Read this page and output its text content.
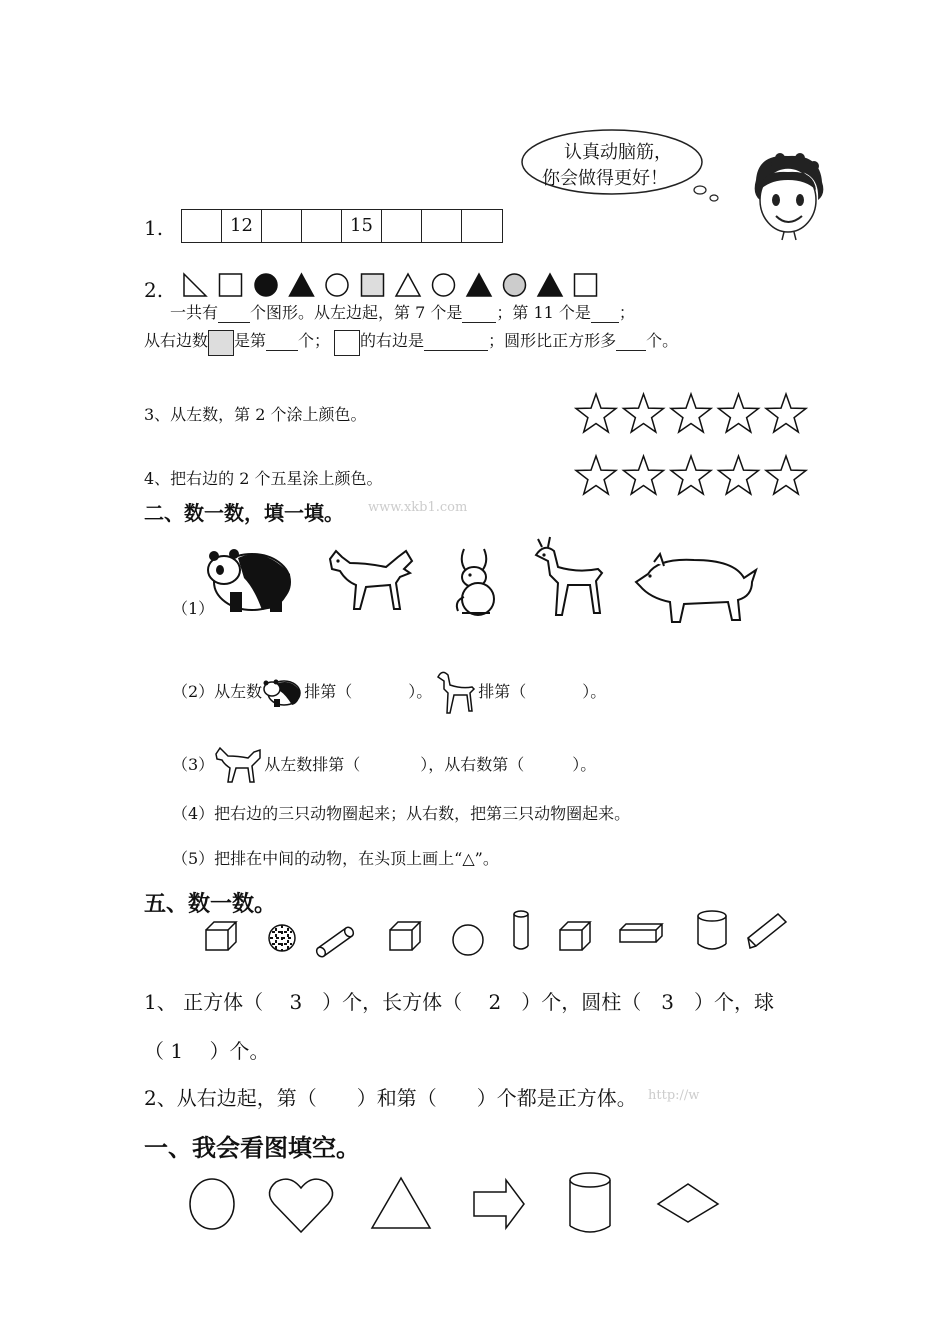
认真动脑筋，
你会做得更好！
1.	12	15
2.
一共有 个图形。从左边起，第 7 个是 ；第 11 个是 ；
从右边数 是第 个； 的右边是	；圆形比正方形多 个。
3、从左数，第 2 个涂上颜色。
4、把右边的 2 个五星涂上颜色。
二、数一数，填一填。 www.xkb1.com
（1）
（2）从左数	排第（	）。	排第（	）。
（3）	从左数排第（	），从右数第（	）。
（4）把右边的三只动物圈起来；从右数，把第三只动物圈起来。
（5）把排在中间的动物，在头顶上画上“△”。
五、数一数。
1、 正方体（　 3　）个，长方体（　 2　）个，圆柱（　3　）个，球
（ 1　 ）个。
2、从右边起，第（　　）和第（　　）个都是正方体。 http://w
一、我会看图填空。
